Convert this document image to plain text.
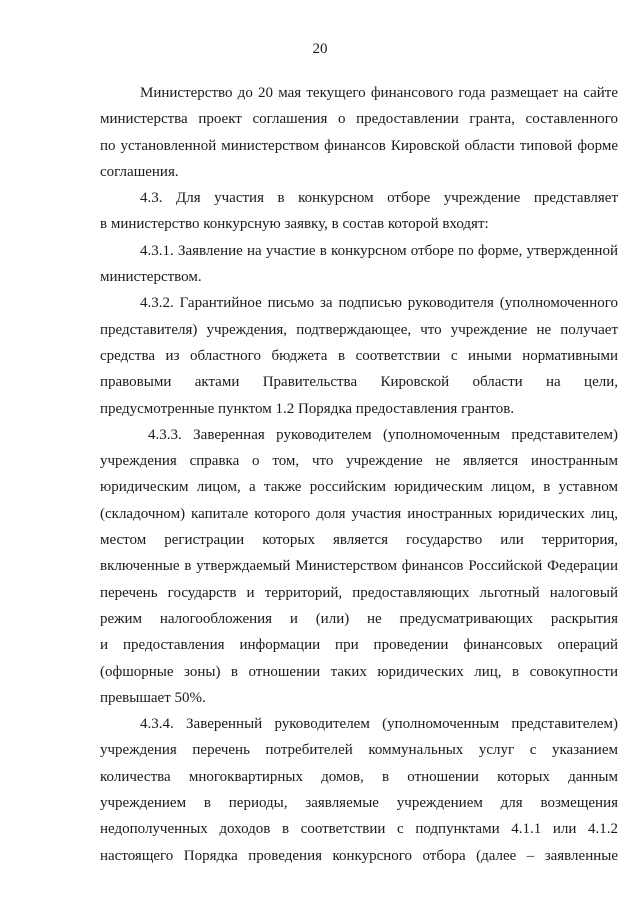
20

Министерство до 20 мая текущего финансового года размещает на сайте
министерства проект соглашения о предоставлении гранта, составленного
по установленной министерством финансов Кировской области типовой форме
соглашения.

4.3. Для участия в конкурсном отборе учреждение представляет
в министерство конкурсную заявку, в состав которой входят:

4.3.1. Заявление на участие в конкурсном отборе по форме, утвержденной
министерством.

4.3.2. Гарантийное письмо за подписью руководителя (уполномоченного
представителя) учреждения, подтверждающее, что учреждение не получает
средства из областного бюджета в соответствии с иными нормативными
правовыми актами Правительства Кировской области на цели,
предусмотренные пунктом 1.2 Порядка предоставления грантов.

4.3.3. Заверенная руководителем (уполномоченным представителем)
учреждения справка о том, что учреждение не является иностранным
юридическим лицом, а также российским юридическим лицом, в уставном
(складочном) капитале которого доля участия иностранных юридических лиц,
местом регистрации которых является государство или территория,
включенные в утверждаемый Министерством финансов Российской Федерации
перечень государств и территорий, предоставляющих льготный налоговый
режим налогообложения и (или) не предусматривающих раскрытия
и предоставления информации при проведении финансовых операций
(офшорные зоны) в отношении таких юридических лиц, в совокупности
превышает 50%.

4.3.4. Заверенный руководителем (уполномоченным представителем)
учреждения перечень потребителей коммунальных услуг с указанием
количества многоквартирных домов, в отношении которых данным
учреждением в периоды, заявляемые учреждением для возмещения
недополученных доходов в соответствии с подпунктами 4.1.1 или 4.1.2
настоящего Порядка проведения конкурсного отбора (далее – заявленные
